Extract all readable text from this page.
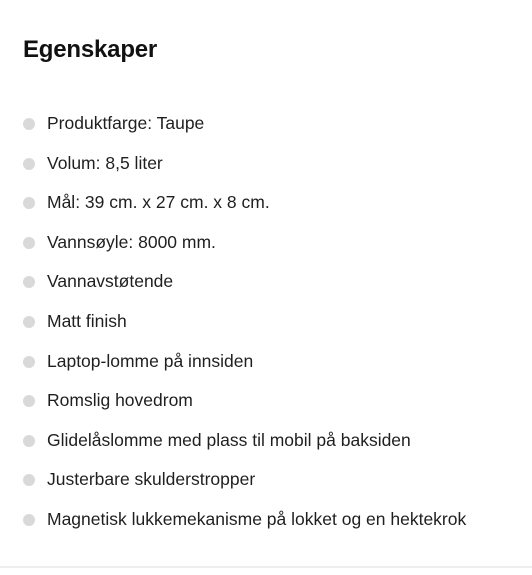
Egenskaper
Produktfarge: Taupe
Volum: 8,5 liter
Mål: 39 cm. x 27 cm. x 8 cm.
Vannsøyle: 8000 mm.
Vannavstøtende
Matt finish
Laptop-lomme på innsiden
Romslig hovedrom
Glidelåslomme med plass til mobil på baksiden
Justerbare skulderstropper
Magnetisk lukkemekanisme på lokket og en hektekrok
